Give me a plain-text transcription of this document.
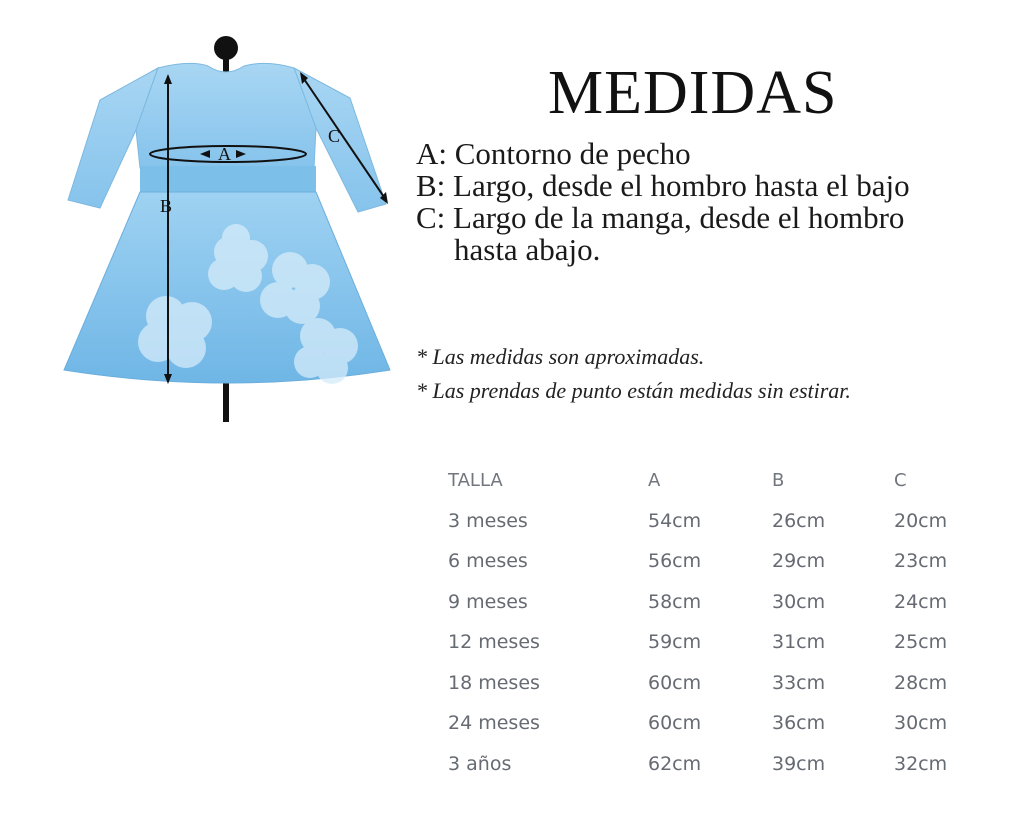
B
A
C
MEDIDAS
A: Contorno de pecho
B: Largo, desde el hombro hasta el bajo
C: Largo de la manga, desde el hombro
hasta abajo.
* Las medidas son aproximadas.
* Las prendas de punto están medidas sin estirar.
TALLA	A	B	C
3 meses	54cm	26cm	20cm
6 meses	56cm	29cm	23cm
9 meses	58cm	30cm	24cm
12 meses	59cm	31cm	25cm
18 meses	60cm	33cm	28cm
24 meses	60cm	36cm	30cm
3 años	62cm	39cm	32cm
